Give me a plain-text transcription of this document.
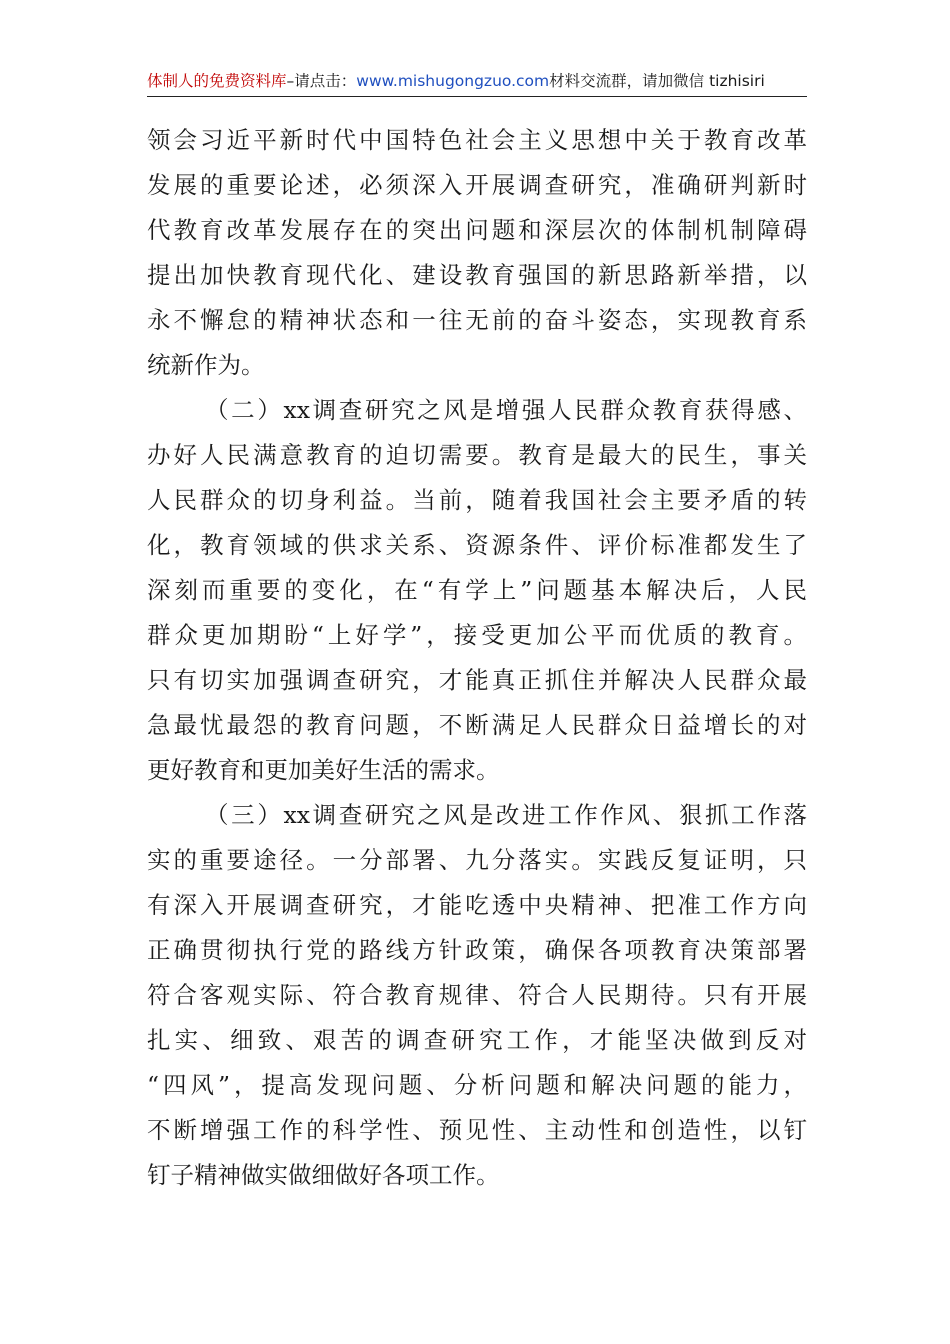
体制人的免费资料库–请点击：www.mishugongzuo.com材料交流群，请加微信 tizhisiri
领会习近平新时代中国特色社会主义思想中关于教育改革
发展的重要论述，必须深入开展调查研究，准确研判新时
代教育改革发展存在的突出问题和深层次的体制机制障碍
提出加快教育现代化、建设教育强国的新思路新举措，以
永不懈怠的精神状态和一往无前的奋斗姿态，实现教育系
统新作为。
（二）xx调查研究之风是增强人民群众教育获得感、
办好人民满意教育的迫切需要。教育是最大的民生，事关
人民群众的切身利益。当前，随着我国社会主要矛盾的转
化，教育领域的供求关系、资源条件、评价标准都发生了
深刻而重要的变化，在“有学上”问题基本解决后，人民
群众更加期盼“上好学”，接受更加公平而优质的教育。
只有切实加强调查研究，才能真正抓住并解决人民群众最
急最忧最怨的教育问题，不断满足人民群众日益增长的对
更好教育和更加美好生活的需求。
（三）xx调查研究之风是改进工作作风、狠抓工作落
实的重要途径。一分部署、九分落实。实践反复证明，只
有深入开展调查研究，才能吃透中央精神、把准工作方向
正确贯彻执行党的路线方针政策，确保各项教育决策部署
符合客观实际、符合教育规律、符合人民期待。只有开展
扎实、细致、艰苦的调查研究工作，才能坚决做到反对
“四风”，提高发现问题、分析问题和解决问题的能力，
不断增强工作的科学性、预见性、主动性和创造性，以钉
钉子精神做实做细做好各项工作。
